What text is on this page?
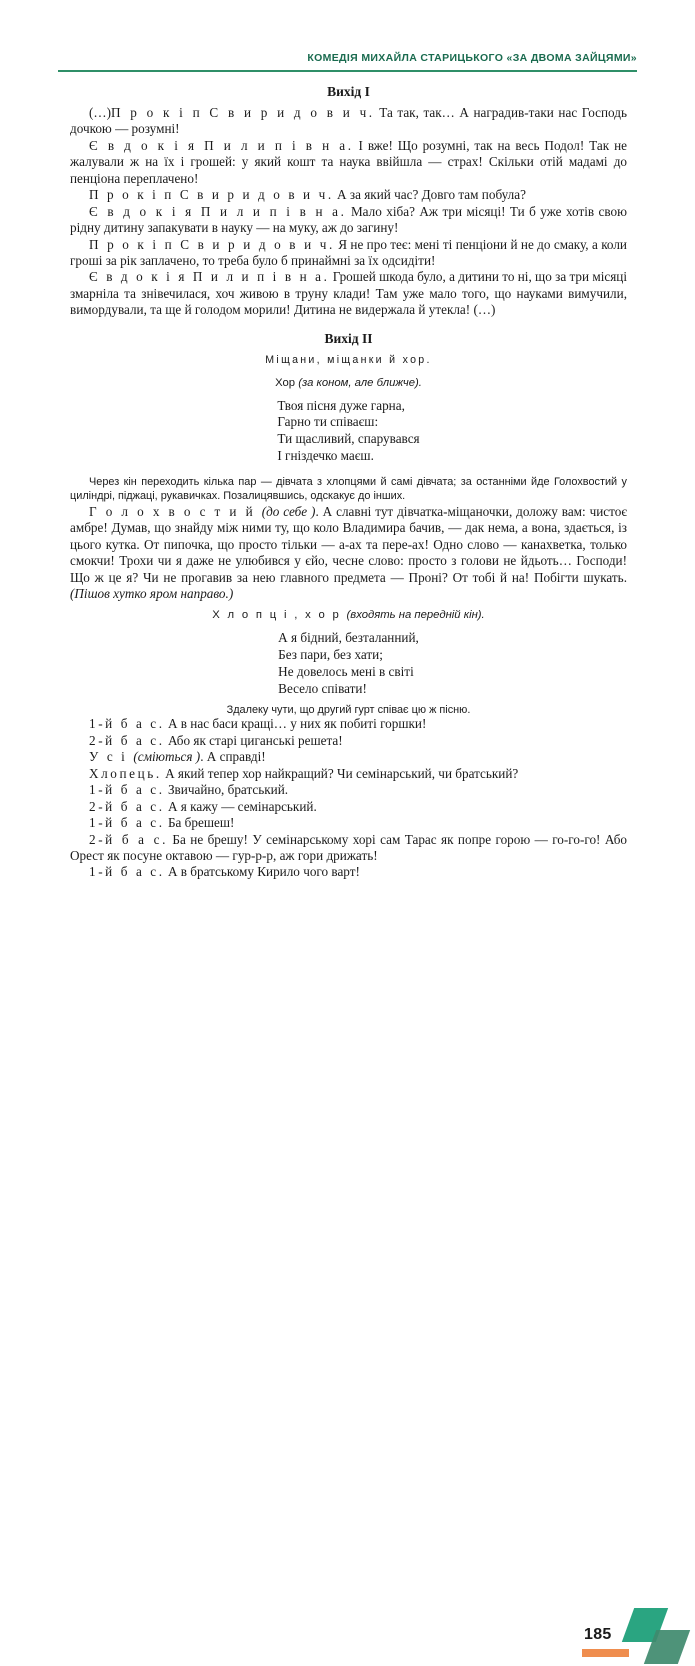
КОМЕДІЯ МИХАЙЛА СТАРИЦЬКОГО «ЗА ДВОМА ЗАЙЦЯМИ»
Вихід I

(…)П р о к і п С в и р и д о в и ч. Та так, так… А наградив-таки нас Господь дочкою — розумні!

Є в д о к і я П и л и п і в н а. І вже! Що розумні, так на весь Подол! Так не жалували ж на їх і грошей: у який кошт та наука ввійшла — страх! Скільки отій мадамі до пенціона переплачено!

П р о к і п С в и р и д о в и ч. А за який час? Довго там побула?

Є в д о к і я П и л и п і в н а. Мало хіба? Аж три місяці! Ти б уже хотів свою рідну дитину запакувати в науку — на муку, аж до загину!

П р о к і п С в и р и д о в и ч. Я не про теє: мені ті пенціони й не до смаку, а коли гроші за рік заплачено, то треба було б принаймні за їх одсидіти!

Є в д о к і я П и л и п і в н а. Грошей шкода було, а дитини то ні, що за три місяці змарніла та знівечилася, хоч живою в труну клади! Там уже мало того, що науками вимучили, вимордували, та ще й голодом морили! Дитина не видержала й утекла! (…)

Вихід II
Міщани, міщанки й хор.
Хор (за коном, але ближче).
Твоя пісня дуже гарна,
Гарно ти співаєш:
Ти щасливий, спарувався
І гніздечко маєш.

Через кін переходить кілька пар — дівчата з хлопцями й самі дівчата; за останніми йде Голохвостий у циліндрі, піджаці, рукавичках. Позалицявшись, одскакує до інших.

Г о л о х в о с т и й (до себе ). А славні тут дівчатка-міщаночки, доложу вам: чистоє амбре! Думав, що знайду між ними ту, що коло Владимира бачив, — дак нема, а вона, здається, із цього кутка. От пипочка, що просто тільки — а-ах та пере-ах! Одно слово — канахветка, только смокчи! Трохи чи я даже не улюбився у єйо, чесне слово: просто з голови не йдьоть… Господи! Що ж це я? Чи не прогавив за нею главного предмета — Проні? От тобі й на! Побігти шукать. (Пішов хутко яром направо.)

Х л о п ц і , х о р (входять на передній кін).
А я бідний, безталанний,
Без пари, без хати;
Не довелось мені в світі
Весело співати!
Здалеку чути, що другий гурт співає цю ж пісню.

1-й б а с. А в нас баси кращі… у них як побиті горшки!

2-й б а с. Або як старі циганські решета!

У с і (сміються ). А справді!

Хлопець. А який тепер хор найкращий? Чи семінарський, чи братський?

1-й б а с. Звичайно, братський.

2-й б а с. А я кажу — семінарський.

1-й б а с. Ба брешеш!

2-й б а с. Ба не брешу! У семінарському хорі сам Тарас як попре горою — го-го-го! Або Орест як посуне октавою — гур-р-р, аж гори дрижать!

1-й б а с. А в братському Кирило чого варт!

185
